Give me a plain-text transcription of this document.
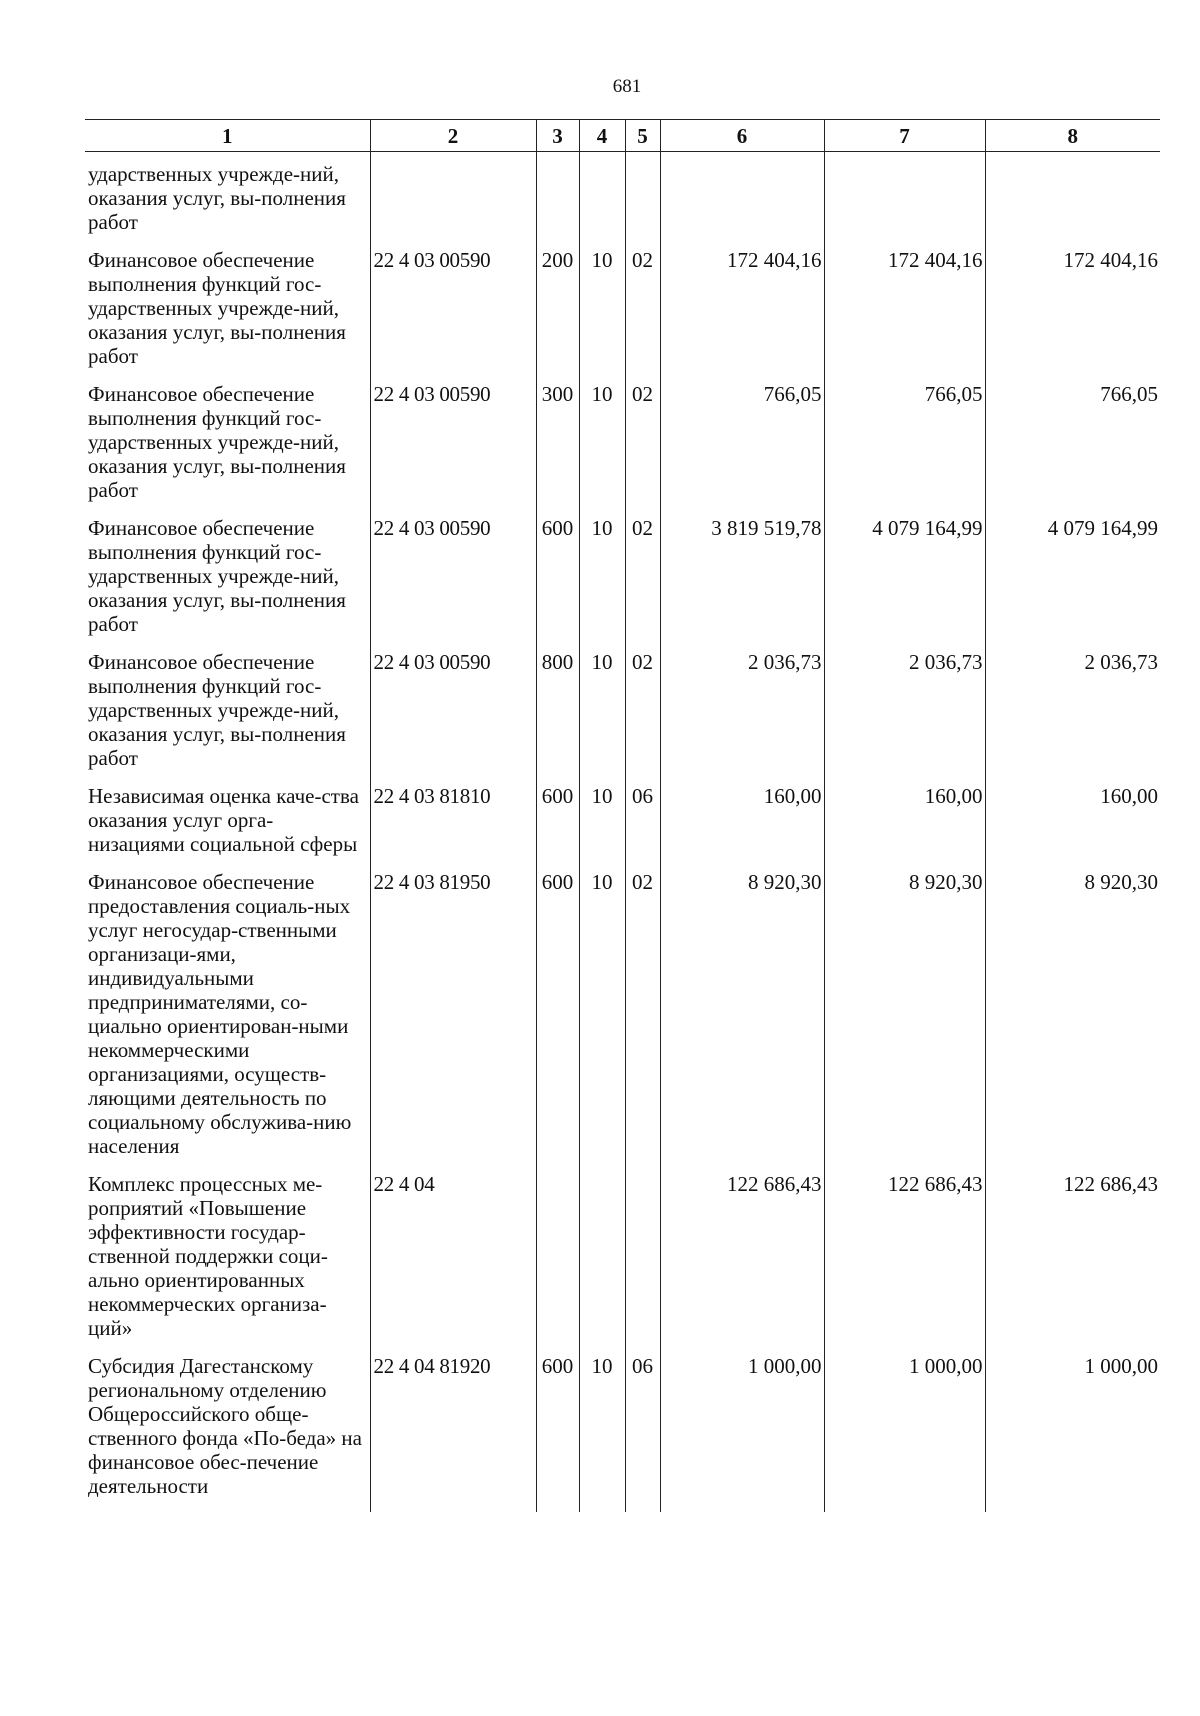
681
1	2	3	4	5	6	7	8
ударственных учрежде-ний, оказания услуг, вы-полнения работ							
Финансовое обеспечение выполнения функций гос-ударственных учрежде-ний, оказания услуг, вы-полнения работ	22 4 03 00590	200	10	02	172 404,16	172 404,16	172 404,16
Финансовое обеспечение выполнения функций гос-ударственных учрежде-ний, оказания услуг, вы-полнения работ	22 4 03 00590	300	10	02	766,05	766,05	766,05
Финансовое обеспечение выполнения функций гос-ударственных учрежде-ний, оказания услуг, вы-полнения работ	22 4 03 00590	600	10	02	3 819 519,78	4 079 164,99	4 079 164,99
Финансовое обеспечение выполнения функций гос-ударственных учрежде-ний, оказания услуг, вы-полнения работ	22 4 03 00590	800	10	02	2 036,73	2 036,73	2 036,73
Независимая оценка каче-ства оказания услуг орга-низациями социальной сферы	22 4 03 81810	600	10	06	160,00	160,00	160,00
Финансовое обеспечение предоставления социаль-ных услуг негосудар-ственными организаци-ями, индивидуальными предпринимателями, со-циально ориентирован-ными некоммерческими организациями, осуществ-ляющими деятельность по социальному обслужива-нию населения	22 4 03 81950	600	10	02	8 920,30	8 920,30	8 920,30
Комплекс процессных ме-роприятий «Повышение эффективности государ-ственной поддержки соци-ально ориентированных некоммерческих организа-ций»	22 4 04				122 686,43	122 686,43	122 686,43
Субсидия Дагестанскому региональному отделению Общероссийского обще-ственного фонда «По-беда» на финансовое обес-печение деятельности	22 4 04 81920	600	10	06	1 000,00	1 000,00	1 000,00
